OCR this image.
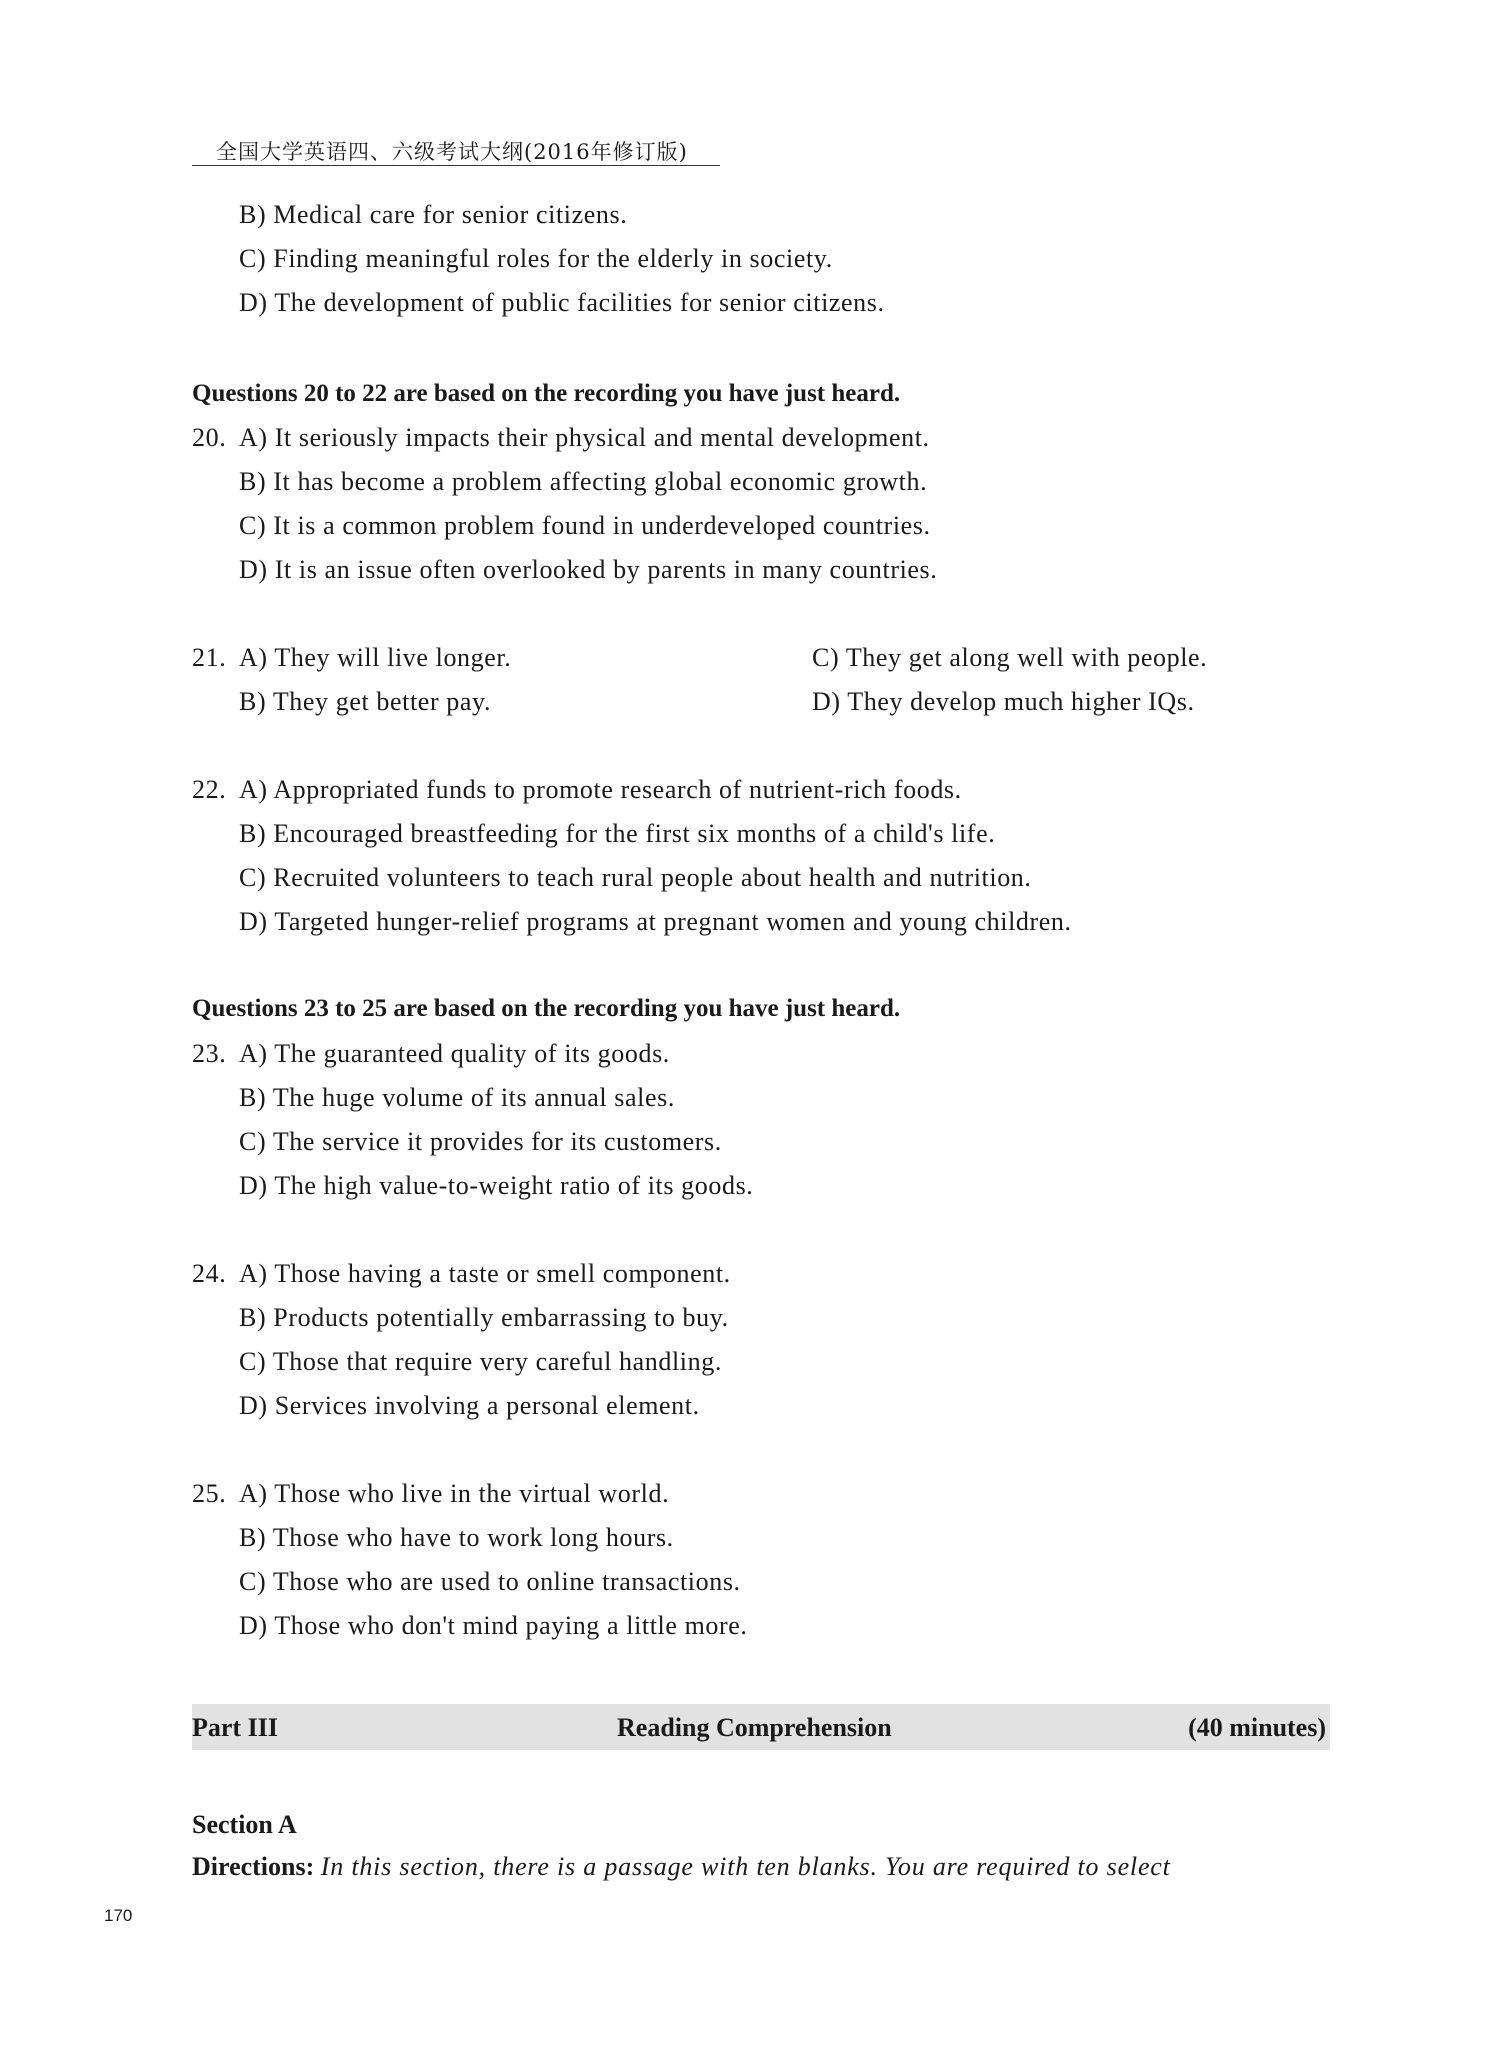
全国大学英语四、六级考试大纲(2016年修订版)
B) Medical care for senior citizens.
C) Finding meaningful roles for the elderly in society.
D) The development of public facilities for senior citizens.
Questions 20 to 22 are based on the recording you have just heard.
20. A) It seriously impacts their physical and mental development.
B) It has become a problem affecting global economic growth.
C) It is a common problem found in underdeveloped countries.
D) It is an issue often overlooked by parents in many countries.
21. A) They will live longer.	C) They get along well with people.
B) They get better pay.	D) They develop much higher IQs.
22. A) Appropriated funds to promote research of nutrient-rich foods.
B) Encouraged breastfeeding for the first six months of a child's life.
C) Recruited volunteers to teach rural people about health and nutrition.
D) Targeted hunger-relief programs at pregnant women and young children.
Questions 23 to 25 are based on the recording you have just heard.
23. A) The guaranteed quality of its goods.
B) The huge volume of its annual sales.
C) The service it provides for its customers.
D) The high value-to-weight ratio of its goods.
24. A) Those having a taste or smell component.
B) Products potentially embarrassing to buy.
C) Those that require very careful handling.
D) Services involving a personal element.
25. A) Those who live in the virtual world.
B) Those who have to work long hours.
C) Those who are used to online transactions.
D) Those who don't mind paying a little more.
Part III	Reading Comprehension	(40 minutes)
Section A
Directions: In this section, there is a passage with ten blanks. You are required to select
170
